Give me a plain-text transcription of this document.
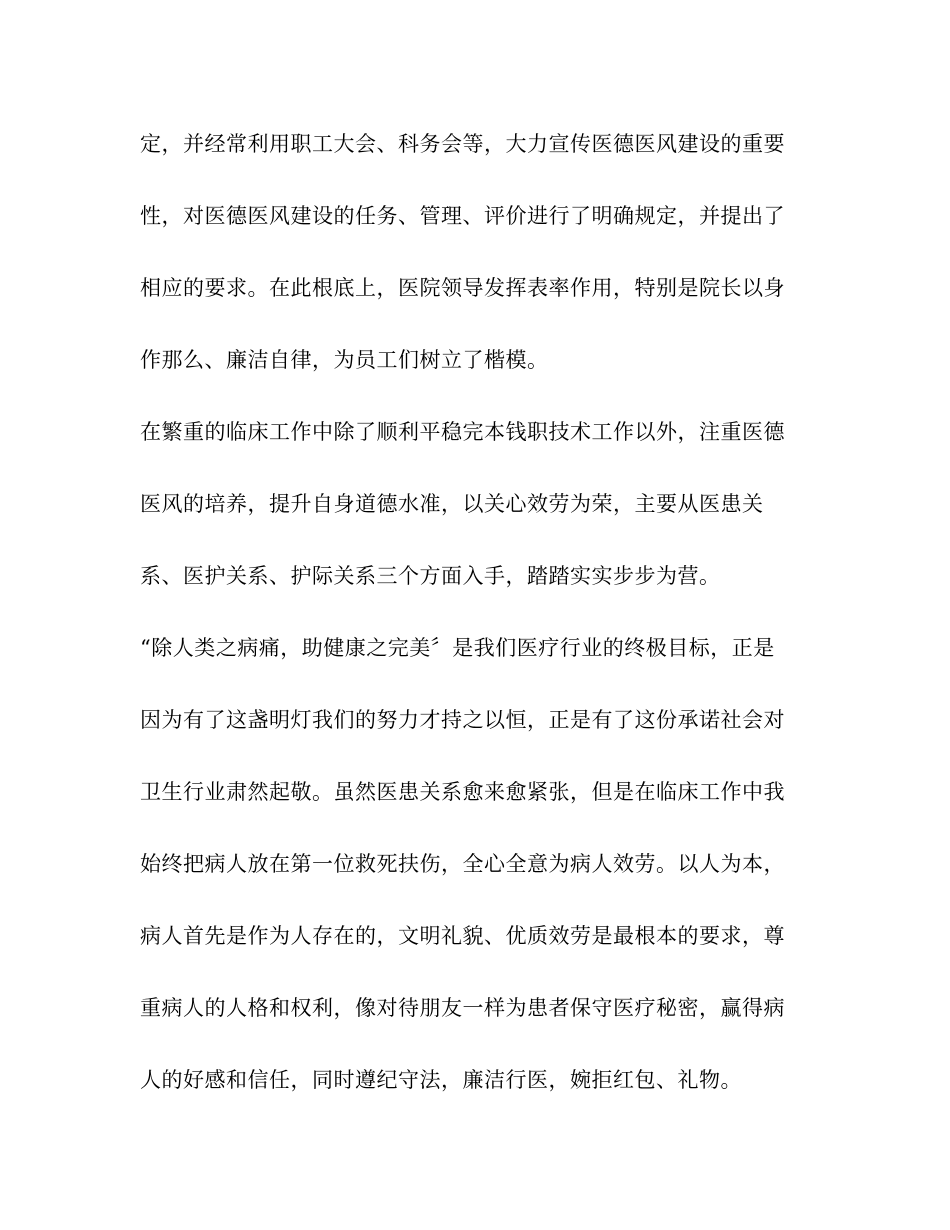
定，并经常利用职工大会、科务会等，大力宣传医德医风建设的重要
性，对医德医风建设的任务、管理、评价进行了明确规定，并提出了
相应的要求。在此根底上，医院领导发挥表率作用，特别是院长以身
作那么、廉洁自律，为员工们树立了楷模。
在繁重的临床工作中除了顺利平稳完本钱职技术工作以外，注重医德
医风的培养，提升自身道德水准，以关心效劳为荣，主要从医患关
系、医护关系、护际关系三个方面入手，踏踏实实步步为营。
“除人类之病痛，助健康之完美〞是我们医疗行业的终极目标，正是
因为有了这盏明灯我们的努力才持之以恒，正是有了这份承诺社会对
卫生行业肃然起敬。虽然医患关系愈来愈紧张，但是在临床工作中我
始终把病人放在第一位救死扶伤，全心全意为病人效劳。以人为本，
病人首先是作为人存在的，文明礼貌、优质效劳是最根本的要求，尊
重病人的人格和权利，像对待朋友一样为患者保守医疗秘密，赢得病
人的好感和信任，同时遵纪守法，廉洁行医，婉拒红包、礼物。
